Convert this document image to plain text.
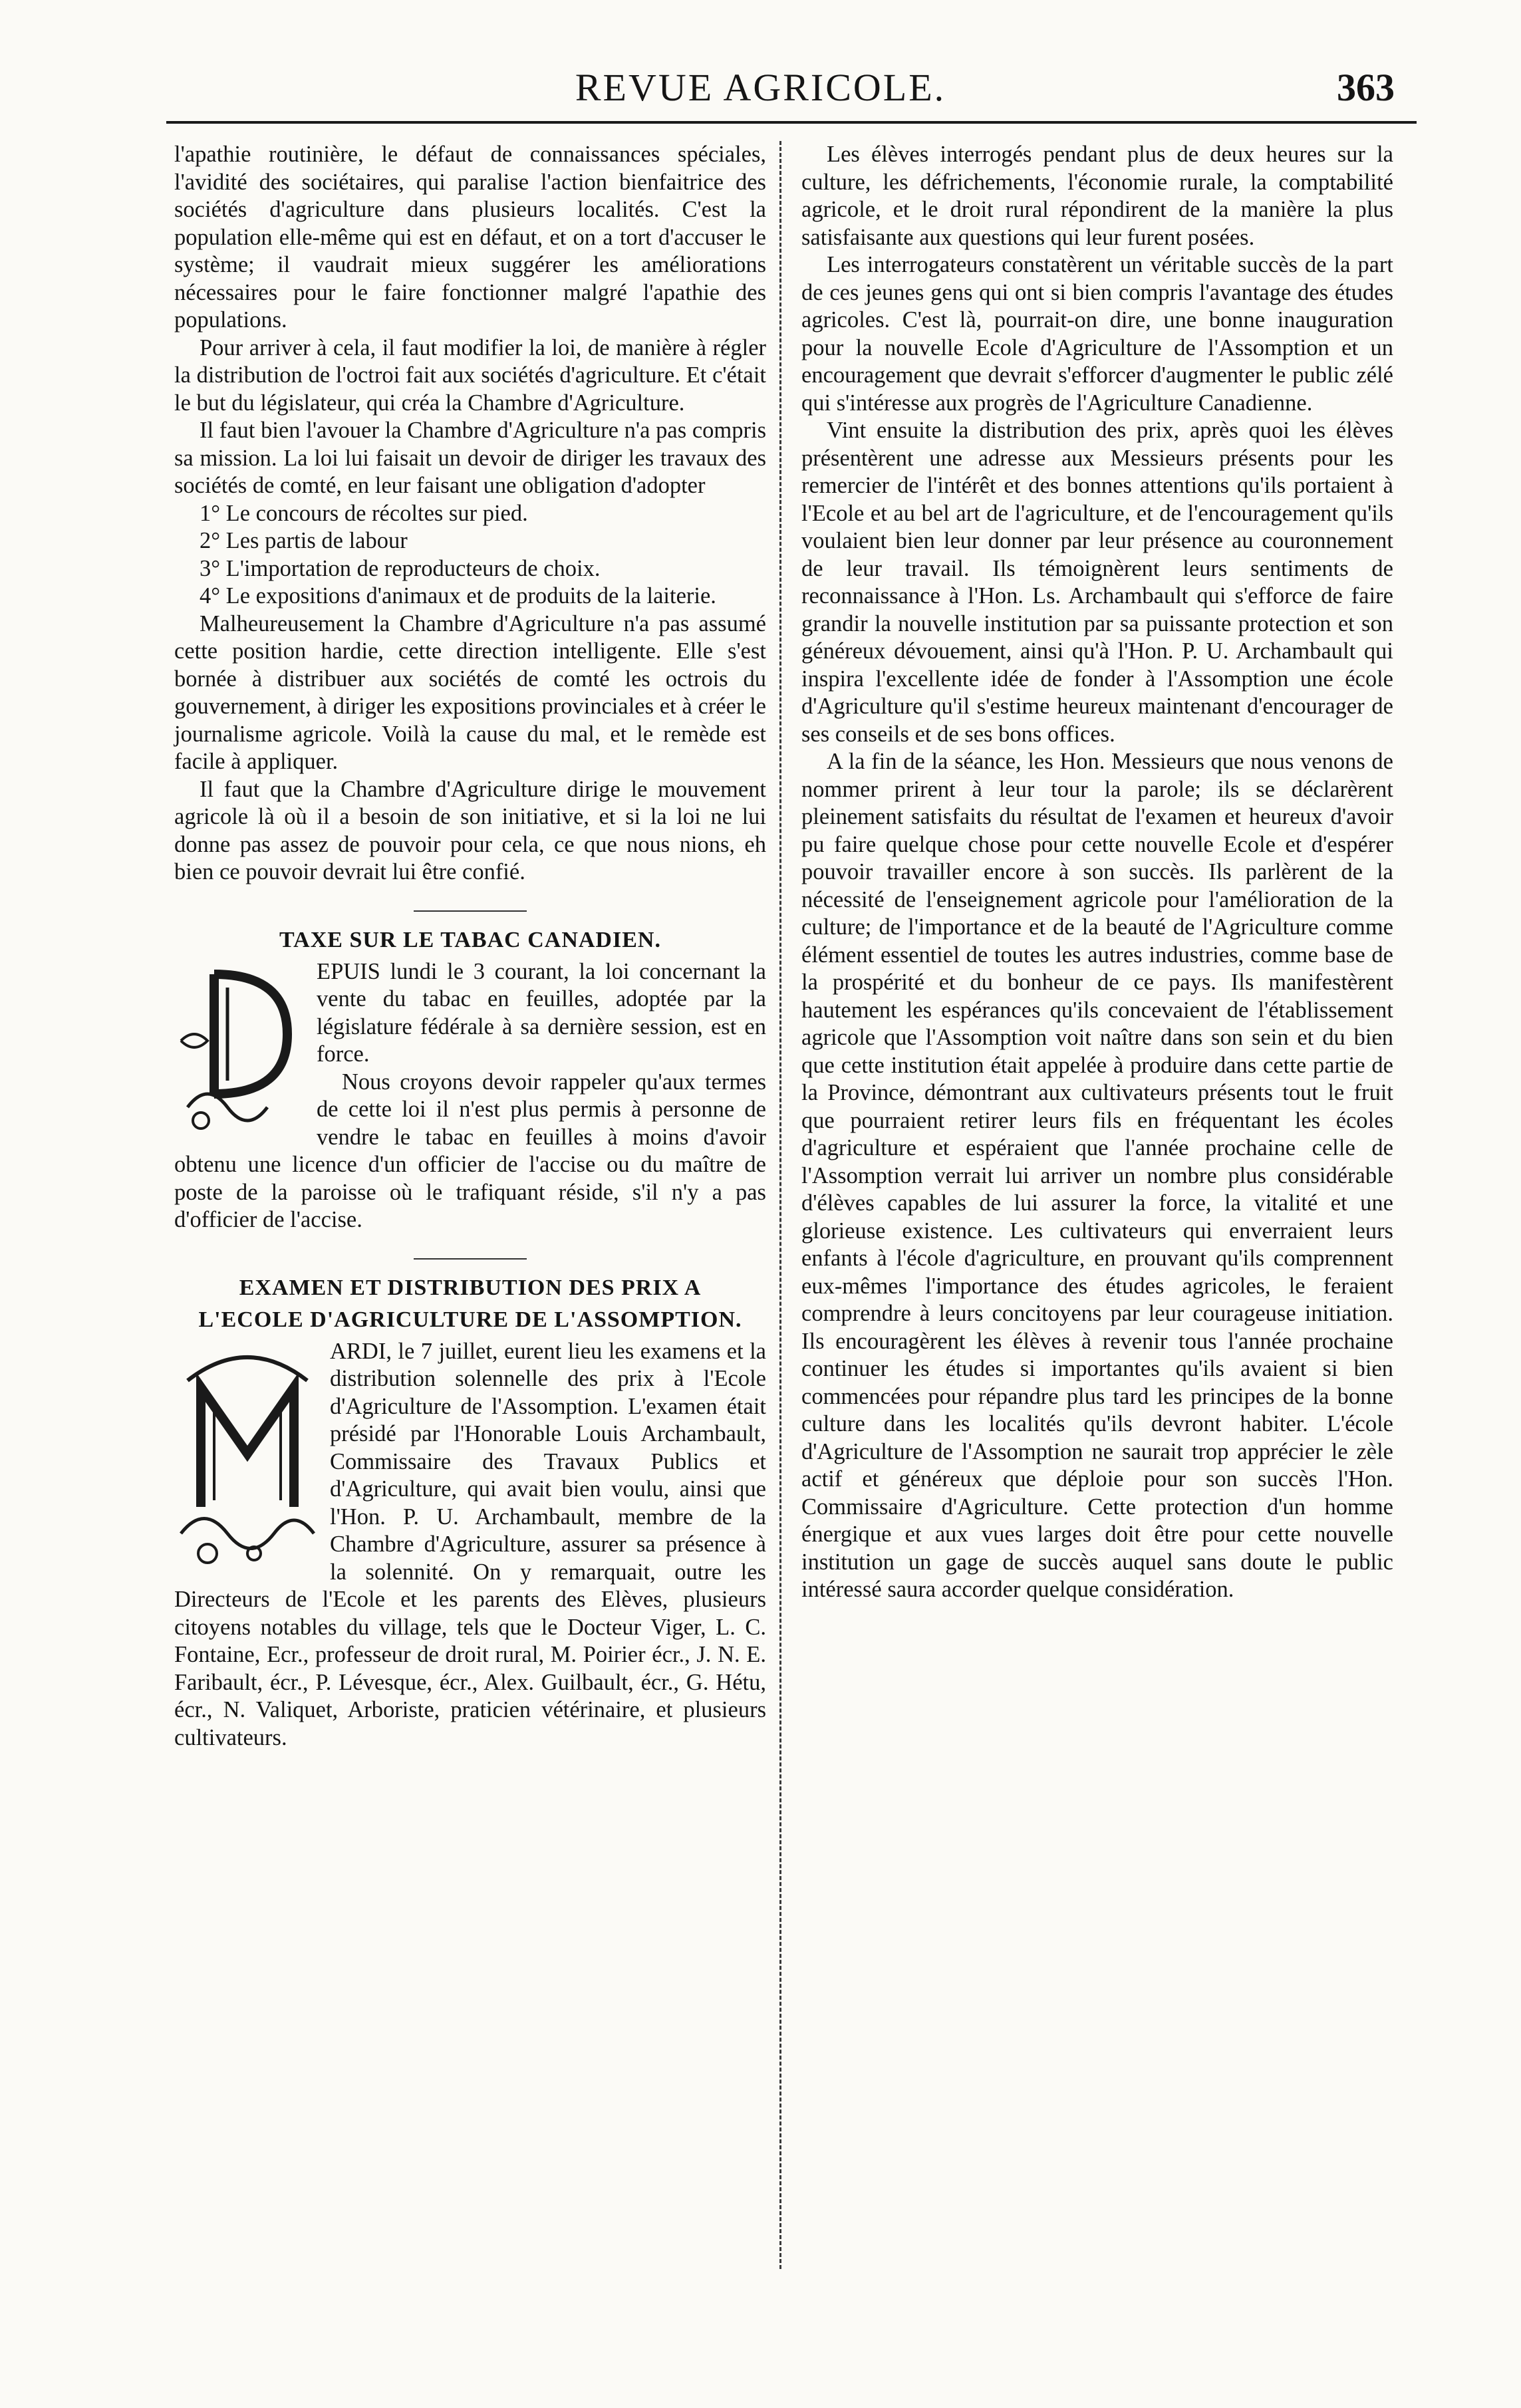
REVUE AGRICOLE.	363

l'apathie routinière, le défaut de connaissances spéciales, l'avidité des sociétaires, qui paralise l'action bienfaitrice des sociétés d'agriculture dans plusieurs localités. C'est la population elle-même qui est en défaut, et on a tort d'accuser le système; il vaudrait mieux suggérer les améliorations nécessaires pour le faire fonctionner malgré l'apathie des populations.

Pour arriver à cela, il faut modifier la loi, de manière à régler la distribution de l'octroi fait aux sociétés d'agriculture. Et c'était le but du législateur, qui créa la Chambre d'Agriculture.

Il faut bien l'avouer la Chambre d'Agriculture n'a pas compris sa mission. La loi lui faisait un devoir de diriger les travaux des sociétés de comté, en leur faisant une obligation d'adopter

1° Le concours de récoltes sur pied.

2° Les partis de labour

3° L'importation de reproducteurs de choix.

4° Le expositions d'animaux et de produits de la laiterie.

Malheureusement la Chambre d'Agriculture n'a pas assumé cette position hardie, cette direction intelligente. Elle s'est bornée à distribuer aux sociétés de comté les octrois du gouvernement, à diriger les expositions provinciales et à créer le journalisme agricole. Voilà la cause du mal, et le remède est facile à appliquer.

Il faut que la Chambre d'Agriculture dirige le mouvement agricole là où il a besoin de son initiative, et si la loi ne lui donne pas assez de pouvoir pour cela, ce que nous nions, eh bien ce pouvoir devrait lui être confié.

TAXE SUR LE TABAC CANADIEN.

EPUIS lundi le 3 courant, la loi concernant la vente du tabac en feuilles, adoptée par la législature fédérale à sa dernière session, est en force.

Nous croyons devoir rappeler qu'aux termes de cette loi il n'est plus permis à personne de vendre le tabac en feuilles à moins d'avoir obtenu une licence d'un officier de l'accise ou du maître de poste de la paroisse où le trafiquant réside, s'il n'y a pas d'officier de l'accise.

EXAMEN ET DISTRIBUTION DES PRIX A
L'ECOLE D'AGRICULTURE DE L'ASSOMPTION.

ARDI, le 7 juillet, eurent lieu les examens et la distribution solennelle des prix à l'Ecole d'Agriculture de l'Assomption. L'examen était présidé par l'Honorable Louis Archambault, Commissaire des Travaux Publics et d'Agriculture, qui avait bien voulu, ainsi que l'Hon. P. U. Archambault, membre de la Chambre d'Agriculture, assurer sa présence à la solennité. On y remarquait, outre les Directeurs de l'Ecole et les parents des Elèves, plusieurs citoyens notables du village, tels que le Docteur Viger, L. C. Fontaine, Ecr., professeur de droit rural, M. Poirier écr., J. N. E. Faribault, écr., P. Lévesque, écr., Alex. Guilbault, écr., G. Hétu, écr., N. Valiquet, Arboriste, praticien vétérinaire, et plusieurs cultivateurs.

Les élèves interrogés pendant plus de deux heures sur la culture, les défrichements, l'économie rurale, la comptabilité agricole, et le droit rural répondirent de la manière la plus satisfaisante aux questions qui leur furent posées.

Les interrogateurs constatèrent un véritable succès de la part de ces jeunes gens qui ont si bien compris l'avantage des études agricoles. C'est là, pourrait-on dire, une bonne inauguration pour la nouvelle Ecole d'Agriculture de l'Assomption et un encouragement que devrait s'efforcer d'augmenter le public zélé qui s'intéresse aux progrès de l'Agriculture Canadienne.

Vint ensuite la distribution des prix, après quoi les élèves présentèrent une adresse aux Messieurs présents pour les remercier de l'intérêt et des bonnes attentions qu'ils portaient à l'Ecole et au bel art de l'agriculture, et de l'encouragement qu'ils voulaient bien leur donner par leur présence au couronnement de leur travail. Ils témoignèrent leurs sentiments de reconnaissance à l'Hon. Ls. Archambault qui s'efforce de faire grandir la nouvelle institution par sa puissante protection et son généreux dévouement, ainsi qu'à l'Hon. P. U. Archambault qui inspira l'excellente idée de fonder à l'Assomption une école d'Agriculture qu'il s'estime heureux maintenant d'encourager de ses conseils et de ses bons offices.

A la fin de la séance, les Hon. Messieurs que nous venons de nommer prirent à leur tour la parole; ils se déclarèrent pleinement satisfaits du résultat de l'examen et heureux d'avoir pu faire quelque chose pour cette nouvelle Ecole et d'espérer pouvoir travailler encore à son succès. Ils parlèrent de la nécessité de l'enseignement agricole pour l'amélioration de la culture; de l'importance et de la beauté de l'Agriculture comme élément essentiel de toutes les autres industries, comme base de la prospérité et du bonheur de ce pays. Ils manifestèrent hautement les espérances qu'ils concevaient de l'établissement agricole que l'Assomption voit naître dans son sein et du bien que cette institution était appelée à produire dans cette partie de la Province, démontrant aux cultivateurs présents tout le fruit que pourraient retirer leurs fils en fréquentant les écoles d'agriculture et espéraient que l'année prochaine celle de l'Assomption verrait lui arriver un nombre plus considérable d'élèves capables de lui assurer la force, la vitalité et une glorieuse existence. Les cultivateurs qui enverraient leurs enfants à l'école d'agriculture, en prouvant qu'ils comprennent eux-mêmes l'importance des études agricoles, le feraient comprendre à leurs concitoyens par leur courageuse initiation. Ils encouragèrent les élèves à revenir tous l'année prochaine continuer les études si importantes qu'ils avaient si bien commencées pour répandre plus tard les principes de la bonne culture dans les localités qu'ils devront habiter. L'école d'Agriculture de l'Assomption ne saurait trop apprécier le zèle actif et généreux que déploie pour son succès l'Hon. Commissaire d'Agriculture. Cette protection d'un homme énergique et aux vues larges doit être pour cette nouvelle institution un gage de succès auquel sans doute le public intéressé saura accorder quelque considération.
